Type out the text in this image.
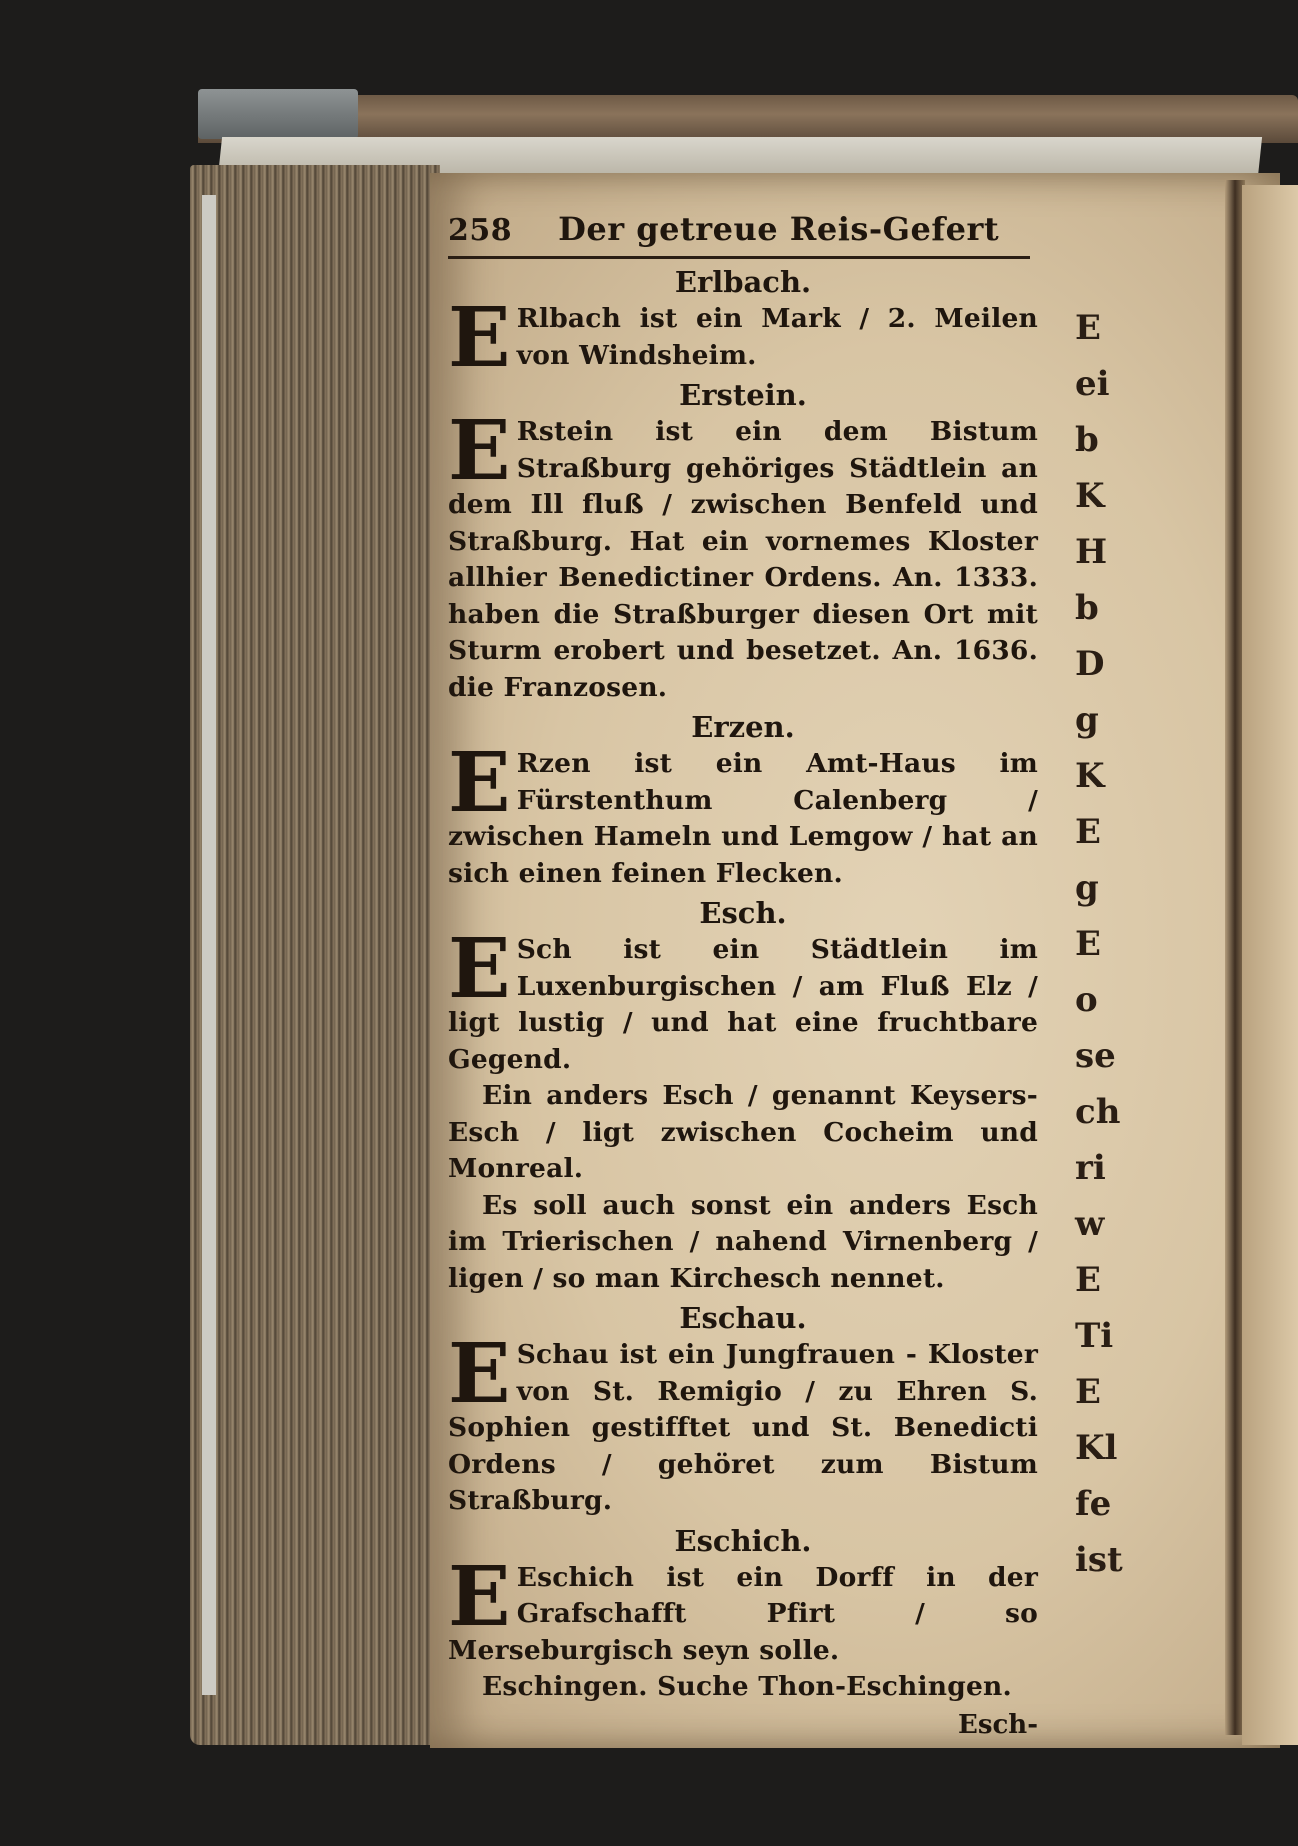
E
ei
b
K
H
b
D
g
K
E
g
E
o
se
ch
ri
w
E
Ti
E
Kl
fe
ist
258 Der getreue Reis-Gefert
Erlbach.
E Rlbach ist ein Mark / 2. Meilen von Windsheim.
Erstein.
E Rstein ist ein dem Bistum Straßburg gehöriges Städtlein an dem Ill fluß / zwischen Benfeld und Straßburg. Hat ein vornemes Kloster allhier Benedictiner Ordens. An. 1333. haben die Straßburger diesen Ort mit Sturm erobert und besetzet. An. 1636. die Franzosen.
Erzen.
E Rzen ist ein Amt-Haus im Fürstenthum Calenberg / zwischen Hameln und Lemgow / hat an sich einen feinen Flecken.
Esch.
E Sch ist ein Städtlein im Luxenburgischen / am Fluß Elz / ligt lustig / und hat eine fruchtbare Gegend.
Ein anders Esch / genannt Keysers-Esch / ligt zwischen Cocheim und Monreal.
Es soll auch sonst ein anders Esch im Trierischen / nahend Virnenberg / ligen / so man Kirchesch nennet.
Eschau.
E Schau ist ein Jungfrauen - Kloster von St. Remigio / zu Ehren S. Sophien gestifftet und St. Benedicti Ordens / gehöret zum Bistum Straßburg.
Eschich.
E Eschich ist ein Dorff in der Grafschafft Pfirt / so Merseburgisch seyn solle.
Eschingen. Suche Thon-Eschingen.
Esch-
